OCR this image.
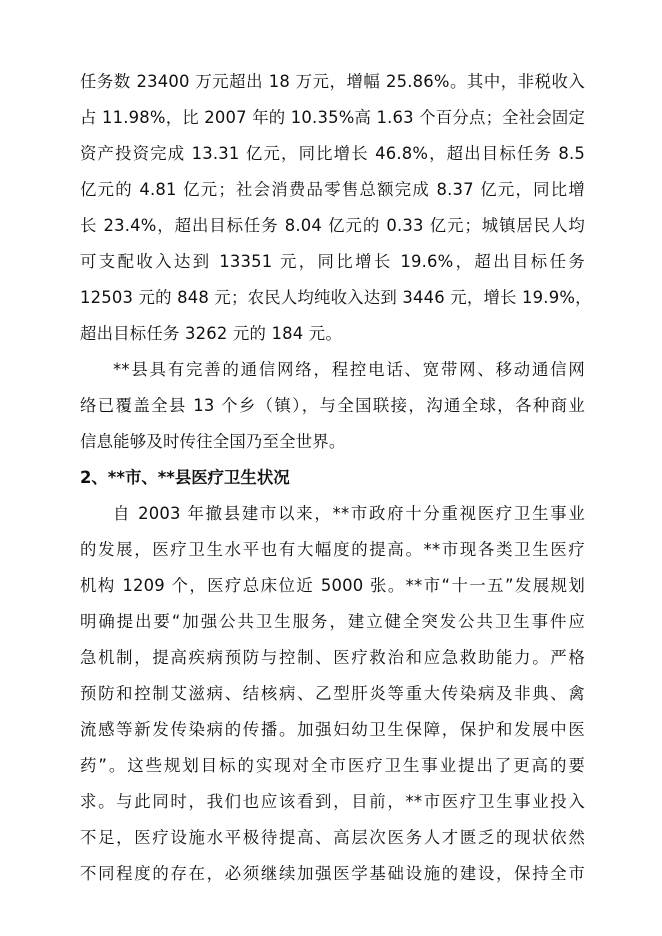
任务数 23400 万元超出 18 万元，增幅 25.86%。其中，非税收入
占 11.98%，比 2007 年的 10.35%高 1.63 个百分点；全社会固定
资产投资完成 13.31 亿元，同比增长 46.8%，超出目标任务 8.5
亿元的 4.81 亿元；社会消费品零售总额完成 8.37 亿元，同比增
长 23.4%，超出目标任务 8.04 亿元的 0.33 亿元；城镇居民人均
可支配收入达到 13351 元，同比增长 19.6%，超出目标任务
12503 元的 848 元；农民人均纯收入达到 3446 元，增长 19.9%，
超出目标任务 3262 元的 184 元。
**县具有完善的通信网络，程控电话、宽带网、移动通信网
络已覆盖全县 13 个乡（镇），与全国联接，沟通全球，各种商业
信息能够及时传往全国乃至全世界。
2、**市、**县医疗卫生状况
自 2003 年撤县建市以来，**市政府十分重视医疗卫生事业
的发展，医疗卫生水平也有大幅度的提高。**市现各类卫生医疗
机构 1209 个，医疗总床位近 5000 张。**市“十一五”发展规划
明确提出要“加强公共卫生服务，建立健全突发公共卫生事件应
急机制，提高疾病预防与控制、医疗救治和应急救助能力。严格
预防和控制艾滋病、结核病、乙型肝炎等重大传染病及非典、禽
流感等新发传染病的传播。加强妇幼卫生保障，保护和发展中医
药”。这些规划目标的实现对全市医疗卫生事业提出了更高的要
求。与此同时，我们也应该看到，目前，**市医疗卫生事业投入
不足，医疗设施水平极待提高、高层次医务人才匮乏的现状依然
不同程度的存在，必须继续加强医学基础设施的建设，保持全市
